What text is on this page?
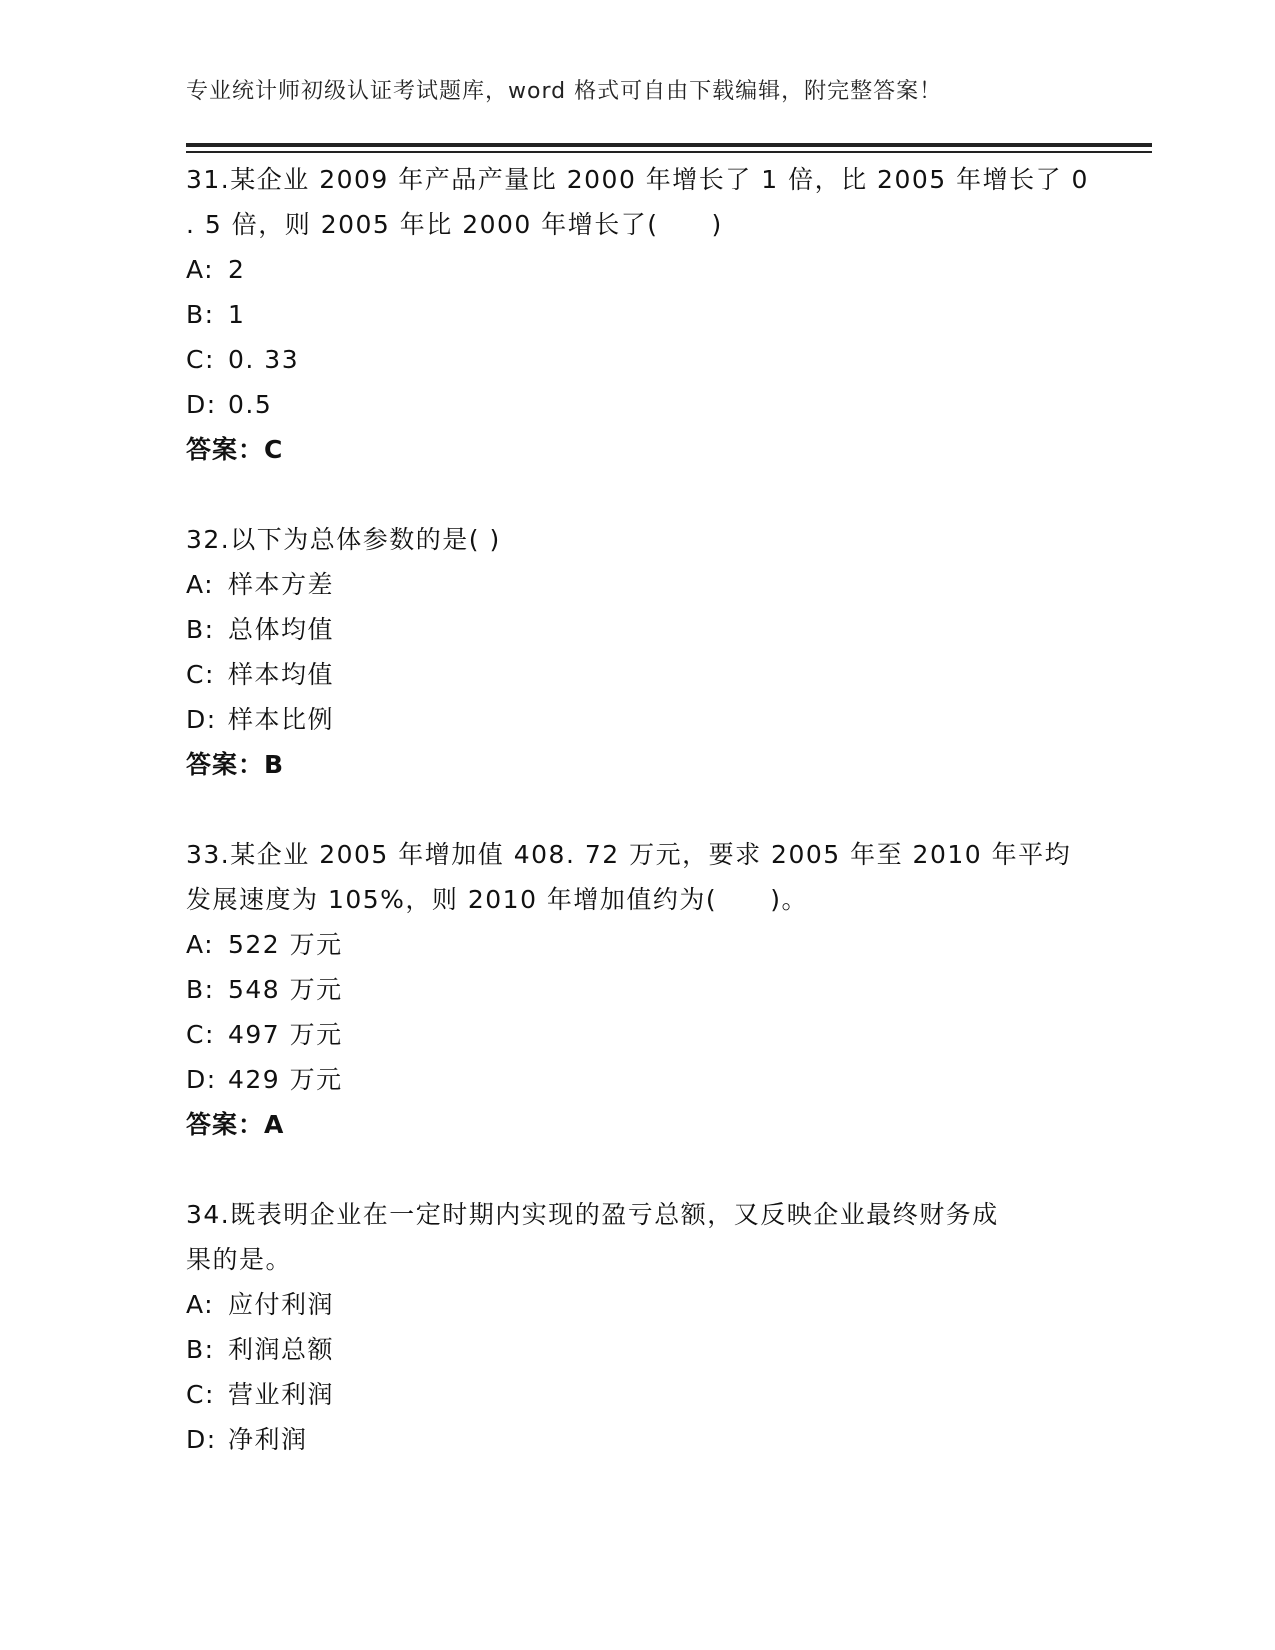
专业统计师初级认证考试题库，word 格式可自由下载编辑，附完整答案！
31.某企业 2009 年产品产量比 2000 年增长了 1 倍，比 2005 年增长了 0
. 5 倍，则 2005 年比 2000 年增长了(　　)
A: 2
B: 1
C: 0. 33
D: 0.5
答案：C
32.以下为总体参数的是( )
A: 样本方差
B: 总体均值
C: 样本均值
D: 样本比例
答案：B
33.某企业 2005 年增加值 408. 72 万元，要求 2005 年至 2010 年平均
发展速度为 105%，则 2010 年增加值约为(　　)。
A: 522 万元
B: 548 万元
C: 497 万元
D: 429 万元
答案：A
34.既表明企业在一定时期内实现的盈亏总额，又反映企业最终财务成
果的是。
A: 应付利润
B: 利润总额
C: 营业利润
D: 净利润
